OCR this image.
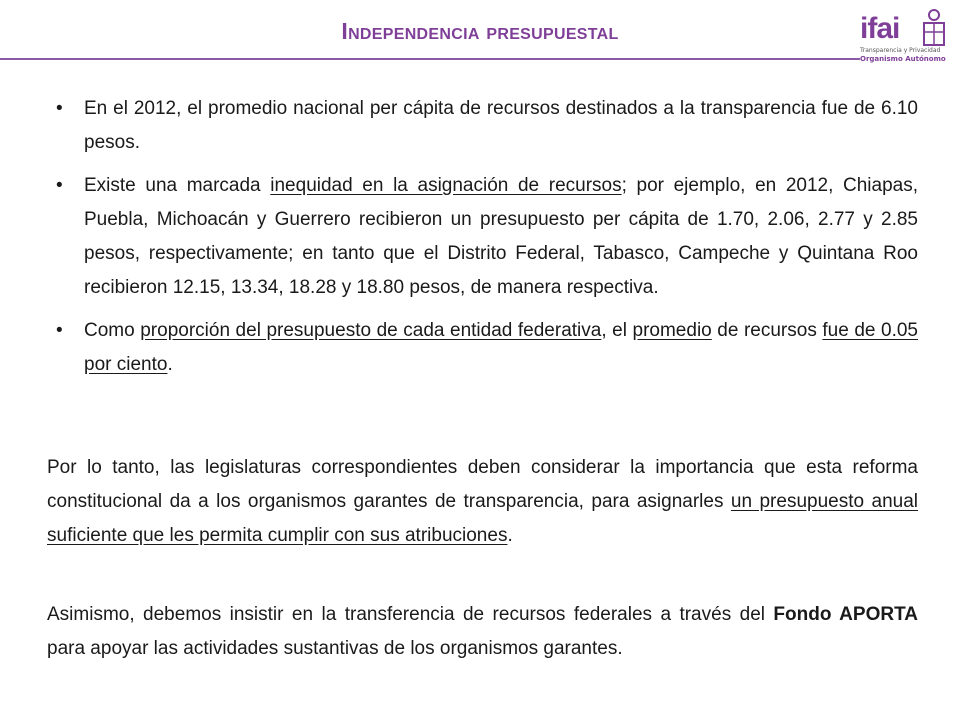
Independencia presupuestal	ifai
Transparencia y Privacidad
Organismo Autónomo
• En el 2012, el promedio nacional per cápita de recursos destinados a la transparencia fue de 6.10 pesos.
• Existe una marcada inequidad en la asignación de recursos; por ejemplo, en 2012, Chiapas, Puebla, Michoacán y Guerrero recibieron un presupuesto per cápita de 1.70, 2.06, 2.77 y 2.85 pesos, respectivamente; en tanto que el Distrito Federal, Tabasco, Campeche y Quintana Roo recibieron 12.15, 13.34, 18.28 y 18.80 pesos, de manera respectiva.
• Como proporción del presupuesto de cada entidad federativa, el promedio de recursos fue de 0.05 por ciento.

Por lo tanto, las legislaturas correspondientes deben considerar la importancia que esta reforma constitucional da a los organismos garantes de transparencia, para asignarles un presupuesto anual suficiente que les permita cumplir con sus atribuciones.

Asimismo, debemos insistir en la transferencia de recursos federales a través del Fondo APORTA para apoyar las actividades sustantivas de los organismos garantes.
